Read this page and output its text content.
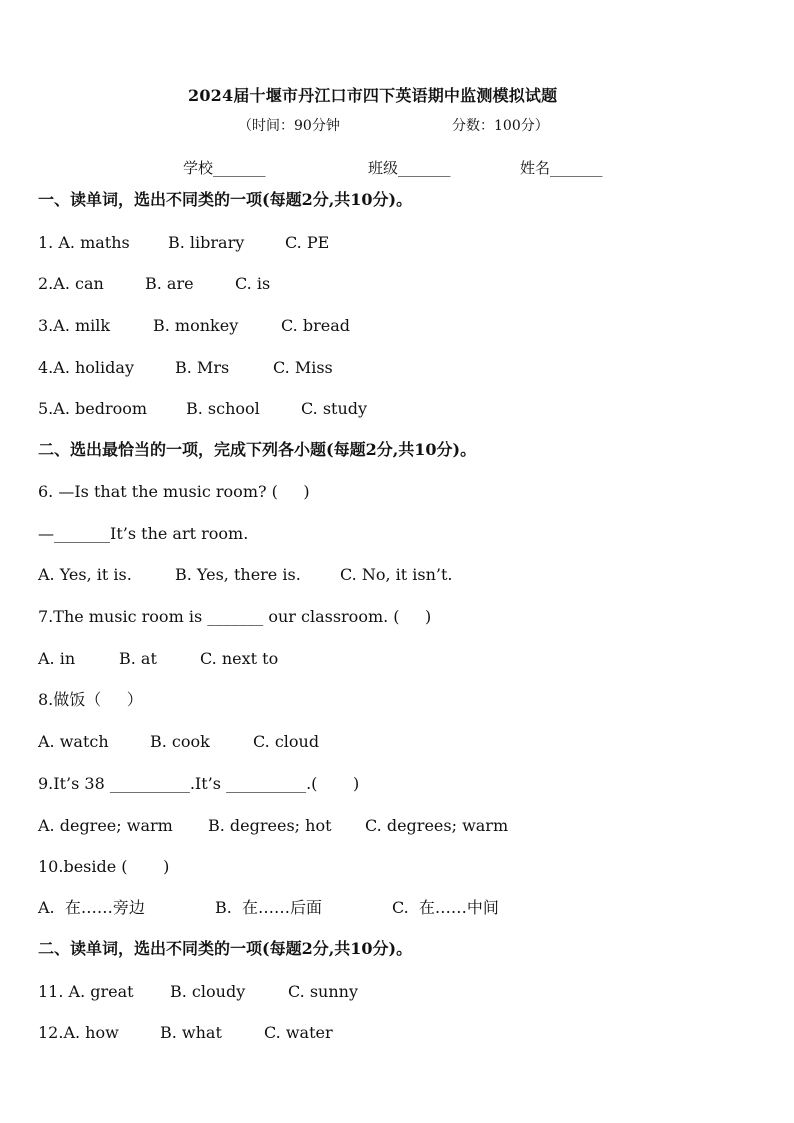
2024届十堰市丹江口市四下英语期中监测模拟试题
（时间：90分钟	分数：100分）
学校_______	班级_______	姓名_______
一、读单词，选出不同类的一项(每题2分,共10分)。
1. A. maths B. library	C. PE
2.A. can	B. are	C. is
3.A. milk	B. monkey	C. bread
4.A. holiday	B. Mrs	C. Miss
5.A. bedroom B. school	C. study
二、选出最恰当的一项，完成下列各小题(每题2分,共10分)。
6. —Is that the music room? (     )
—_______It’s the art room.
A. Yes, it is.	B. Yes, there is. C. No, it isn’t.
7.The music room is _______ our classroom. (     )
A. in	B. at	C. next to
8.做饭（     ）
A. watch	B. cook	C. cloud
9.It’s 38 __________.It’s __________.(       )
A. degree; warm B. degrees; hot C. degrees; warm
10.beside (       )
A.  在……旁边	B.  在……后面	C.  在……中间
二、读单词，选出不同类的一项(每题2分,共10分)。
11. A. great B. cloudy	C. sunny
12.A. how	B. what	C. water
